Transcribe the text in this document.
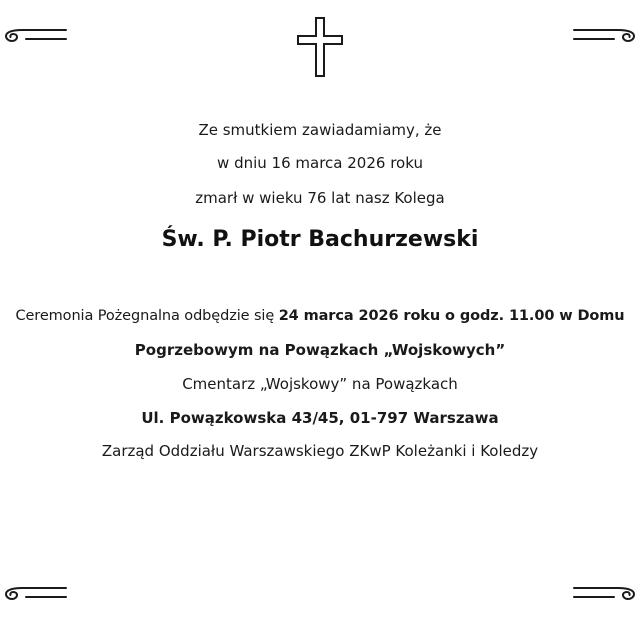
Ze smutkiem zawiadamiamy, że
w dniu 16 marca 2026 roku
zmarł w wieku 76 lat nasz Kolega
Św. P. Piotr Bachurzewski
Ceremonia Pożegnalna odbędzie się 24 marca 2026 roku o godz. 11.00 w Domu
Pogrzebowym na Powązkach „Wojskowych”
Cmentarz „Wojskowy” na Powązkach
Ul. Powązkowska 43/45, 01-797 Warszawa
Zarząd Oddziału Warszawskiego ZKwP Koleżanki i Koledzy
